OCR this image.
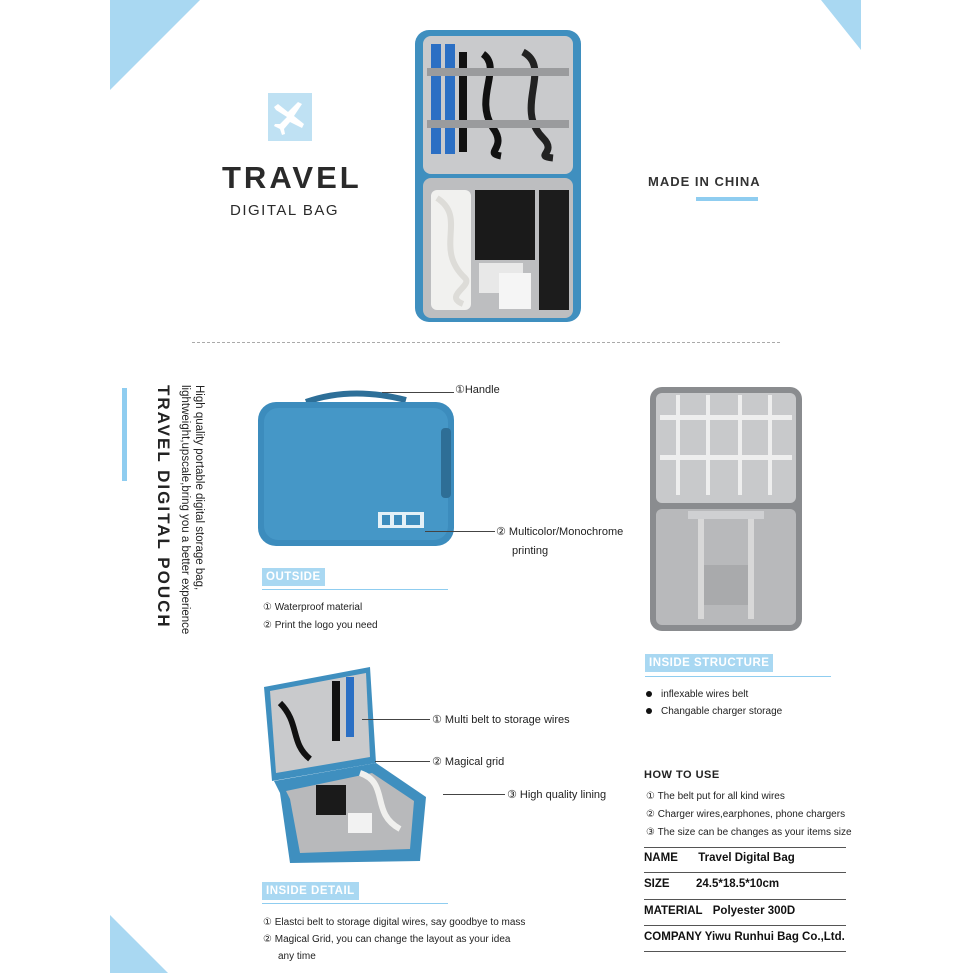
TRAVEL
DIGITAL BAG
MADE IN CHINA
TRAVEL DIGITAL POUCH High quality portable digital storage bag,
lightweight,upscale,bring you a better experience	①Handle
② Multicolor/Monochrome
printing
OUTSIDE
① Waterproof material
② Print the logo you need
INSIDE STRUCTURE
inflexable wires belt
Changable charger storage
① Multi belt to storage wires
② Magical grid
③ High quality lining
INSIDE DETAIL
① Elastci belt to storage digital wires, say goodbye to mass
② Magical Grid, you can change the layout as your idea
any time
HOW TO USE
① The belt put for all kind wires
② Charger wires,earphones, phone chargers
③ The size can be changes as your items size
NAME Travel Digital Bag
SIZE 24.5*18.5*10cm
MATERIAL Polyester 300D
COMPANY Yiwu Runhui Bag Co.,Ltd.
